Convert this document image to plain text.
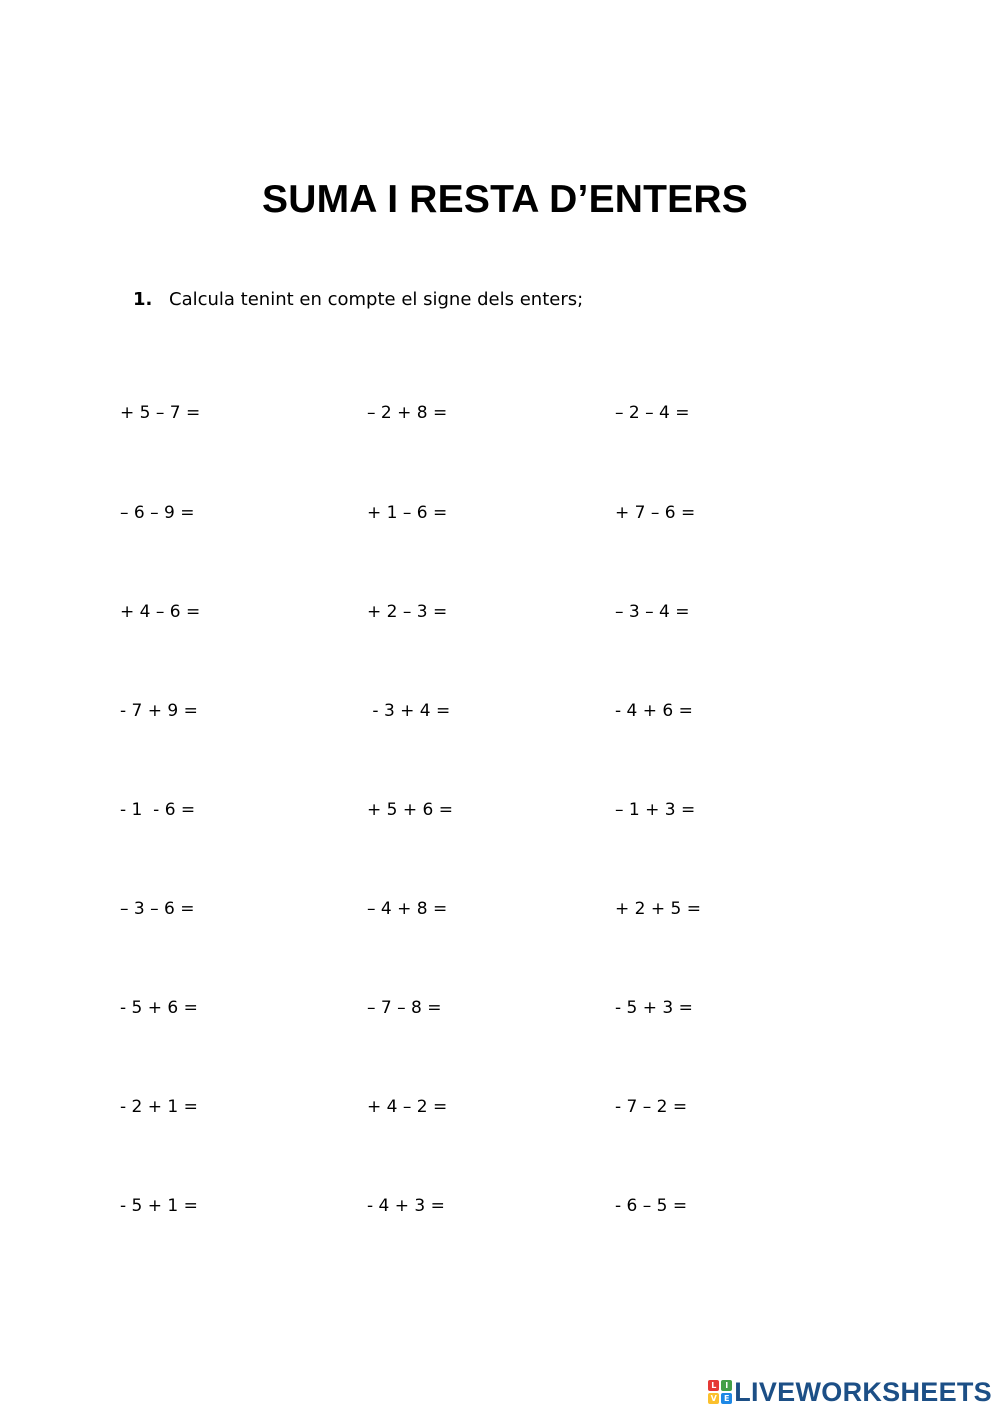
SUMA I RESTA D’ENTERS
1. Calcula tenint en compte el signe dels enters;
+ 5 – 7 =	– 2 + 8 =	– 2 – 4 =
– 6 – 9 =	+ 1 – 6 =	+ 7 – 6 =
+ 4 – 6 =	+ 2 – 3 =	– 3 – 4 =
- 7 + 9 =	- 3 + 4 =	- 4 + 6 =
- 1  - 6 =	+ 5 + 6 =	– 1 + 3 =
– 3 – 6 =	– 4 + 8 =	+ 2 + 5 =
- 5 + 6 =	– 7 – 8 =	- 5 + 3 =
- 2 + 1 =	+ 4 – 2 =	- 7 – 2 =
- 5 + 1 =	- 4 + 3 =	- 6 – 5 =
L	I
V E LIVEWORKSHEETS
